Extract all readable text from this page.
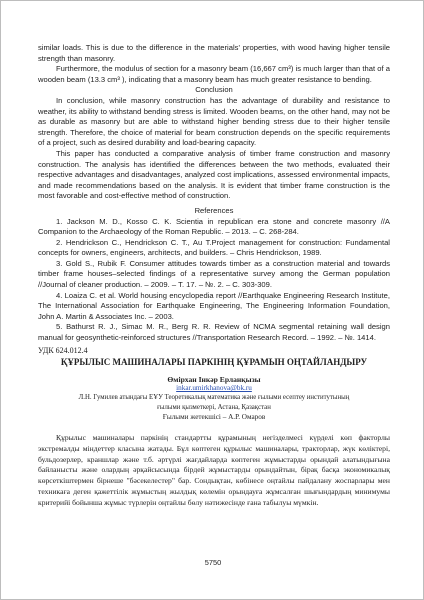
similar loads. This is due to the difference in the materials' properties, with wood having higher tensile strength than masonry.

Furthermore, the modulus of section for a masonry beam (16,667 cm³) is much larger than that of a wooden beam (13.3 cm³ ), indicating that a masonry beam has much greater resistance to bending.

Conclusion

In conclusion, while masonry construction has the advantage of durability and resistance to weather, its ability to withstand bending stress is limited. Wooden beams, on the other hand, may not be as durable as masonry but are able to withstand higher bending stress due to their higher tensile strength. Therefore, the choice of material for beam construction depends on the specific requirements of a project, such as desired durability and load-bearing capacity.

This paper has conducted a comparative analysis of timber frame construction and masonry construction. The analysis has identified the differences between the two methods, evaluated their respective advantages and disadvantages, analyzed cost implications, assessed environmental impacts, and made recommendations based on the analysis. It is evident that timber frame construction is the most favorable and cost-effective method of construction.

References

1. Jackson M. D., Kosso C. K. Scientia in republican era stone and concrete masonry //A Companion to the Archaeology of the Roman Republic. – 2013. – С. 268-284.

2. Hendrickson C., Hendrickson C. T., Au T.Project management for construction: Fundamental concepts for owners, engineers, architects, and builders. – Chris Hendrickson, 1989.

3. Gold S., Rubik F. Consumer attitudes towards timber as a construction material and towards timber frame houses–selected findings of a representative survey among the German population //Journal of cleaner production. – 2009. – Т. 17. – №. 2. – С. 303-309.

4. Loaiza C. et al. World housing encyclopedia report //Earthquake Engineering Research Institute, The International Association for Earthquake Engineering, The Engineering Information Foundation, John A. Martin & Associates Inc. – 2003.

5. Bathurst R. J., Simac M. R., Berg R. R. Review of NCMA segmental retaining wall design manual for geosynthetic-reinforced structures //Transportation Research Record. – 1992. – №. 1414.

УДК 624.012.4
ҚҰРЫЛЫС МАШИНАЛАРЫ ПАРКІНІҢ ҚҰРАМЫН ОҢТАЙЛАНДЫРУ
Өмірхан Інкәр Ерланқызы
inkar.umirkhanova@bk.ru
Л.Н. Гумилев атындағы ЕҰУ Теоретикалық математика және ғылыми есептеу институтының
ғылыми қызметкері, Астана, Қазақстан
Ғылыми жетекшісі – А.Р. Омаров

Құрылыс машиналары паркінің стандартты құрамының негізделмесі күрделі көп факторлы экстремалды міндеттер класына жатады. Бұл көптеген құрылыс машиналары, тракторлар, жүк көліктері, бульдозерлер, краншлар және т.б. әртүрлі жағдайларда көптеген жұмыстарды орындай алатындығына байланысты және олардың әрқайсысында бірдей жұмыстарды орындайтын, бірақ басқа экономикалық көрсеткіштермен бірнеше "бәсекелестер" бар. Сондықтан, көбінесе оңтайлы пайдалану жоспарлары мен техникаға деген қажеттілік жұмыстың жылдық көлемін орындауға жұмсалған шығындардың минимумы критерийі бойынша жұмыс түрлерін оңтайлы бөлу нәтижесінде ғана табылуы мүмкін.

5750
